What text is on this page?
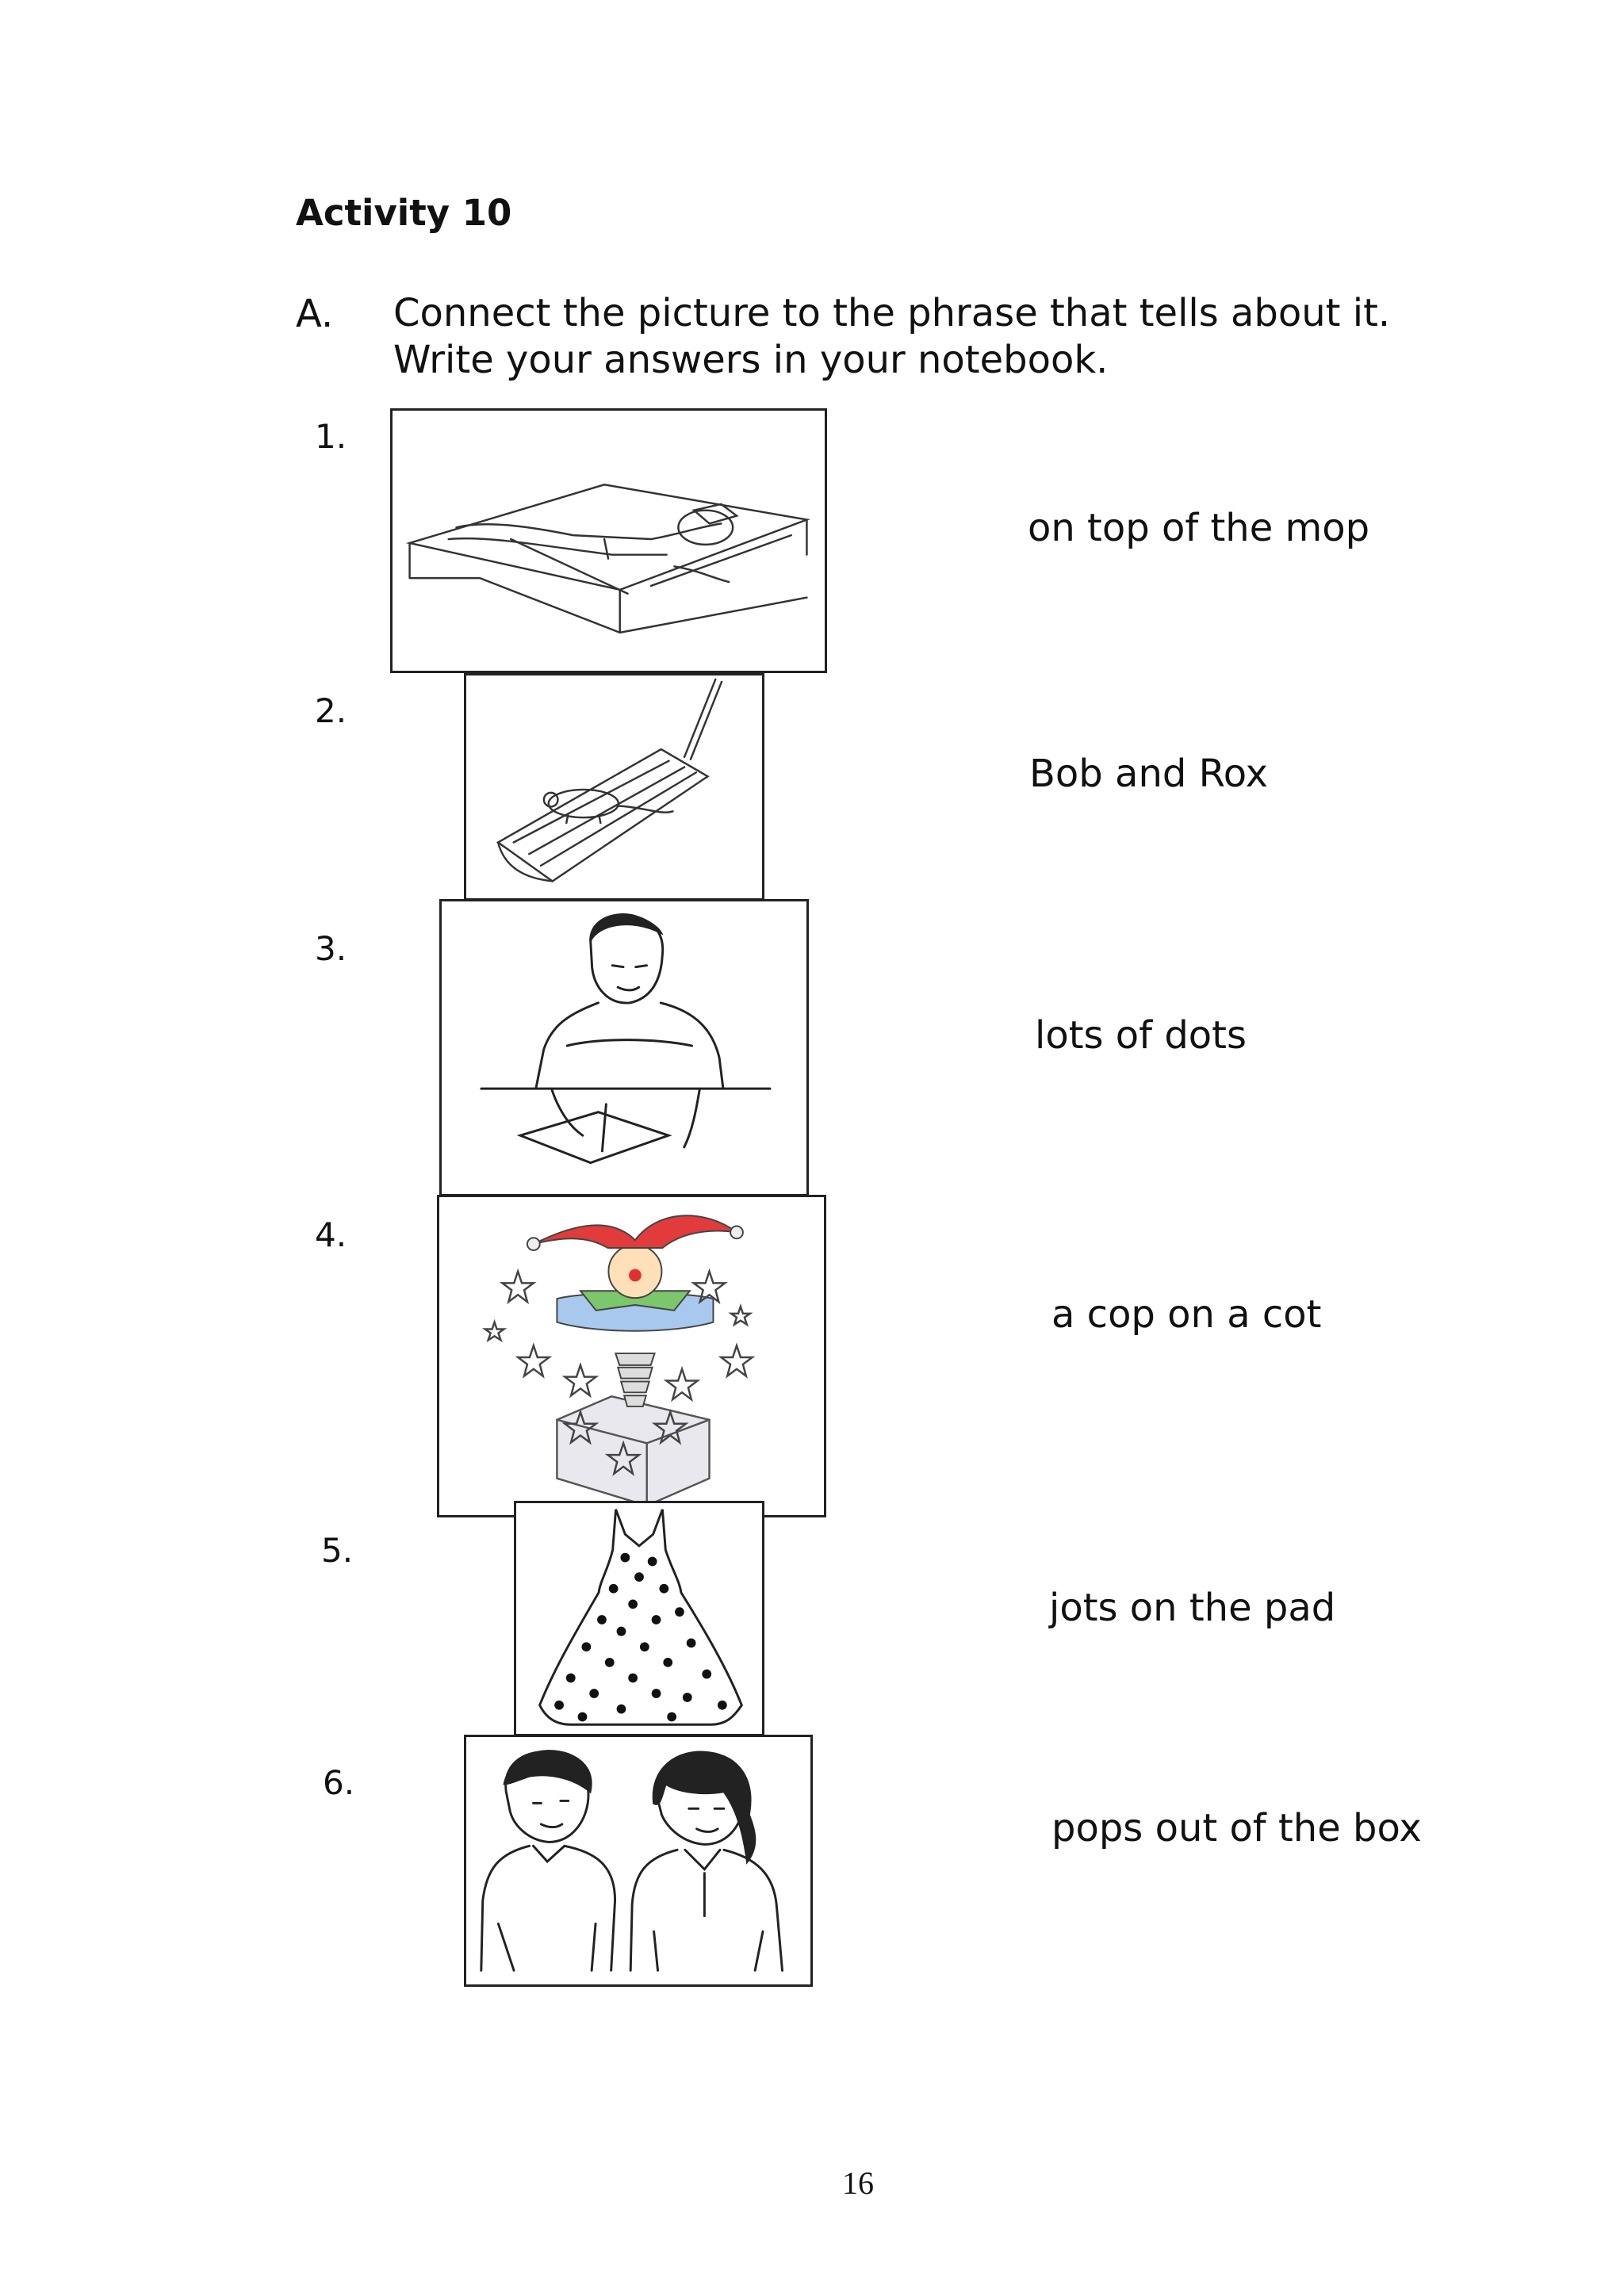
Activity 10
A. Connect the picture to the phrase that tells about it.
Write your answers in your notebook.
1.
on top of the mop
2.
Bob and Rox
3.
lots of dots
4.
a cop on a cot
5.
jots on the pad
6.
pops out of the box
16
